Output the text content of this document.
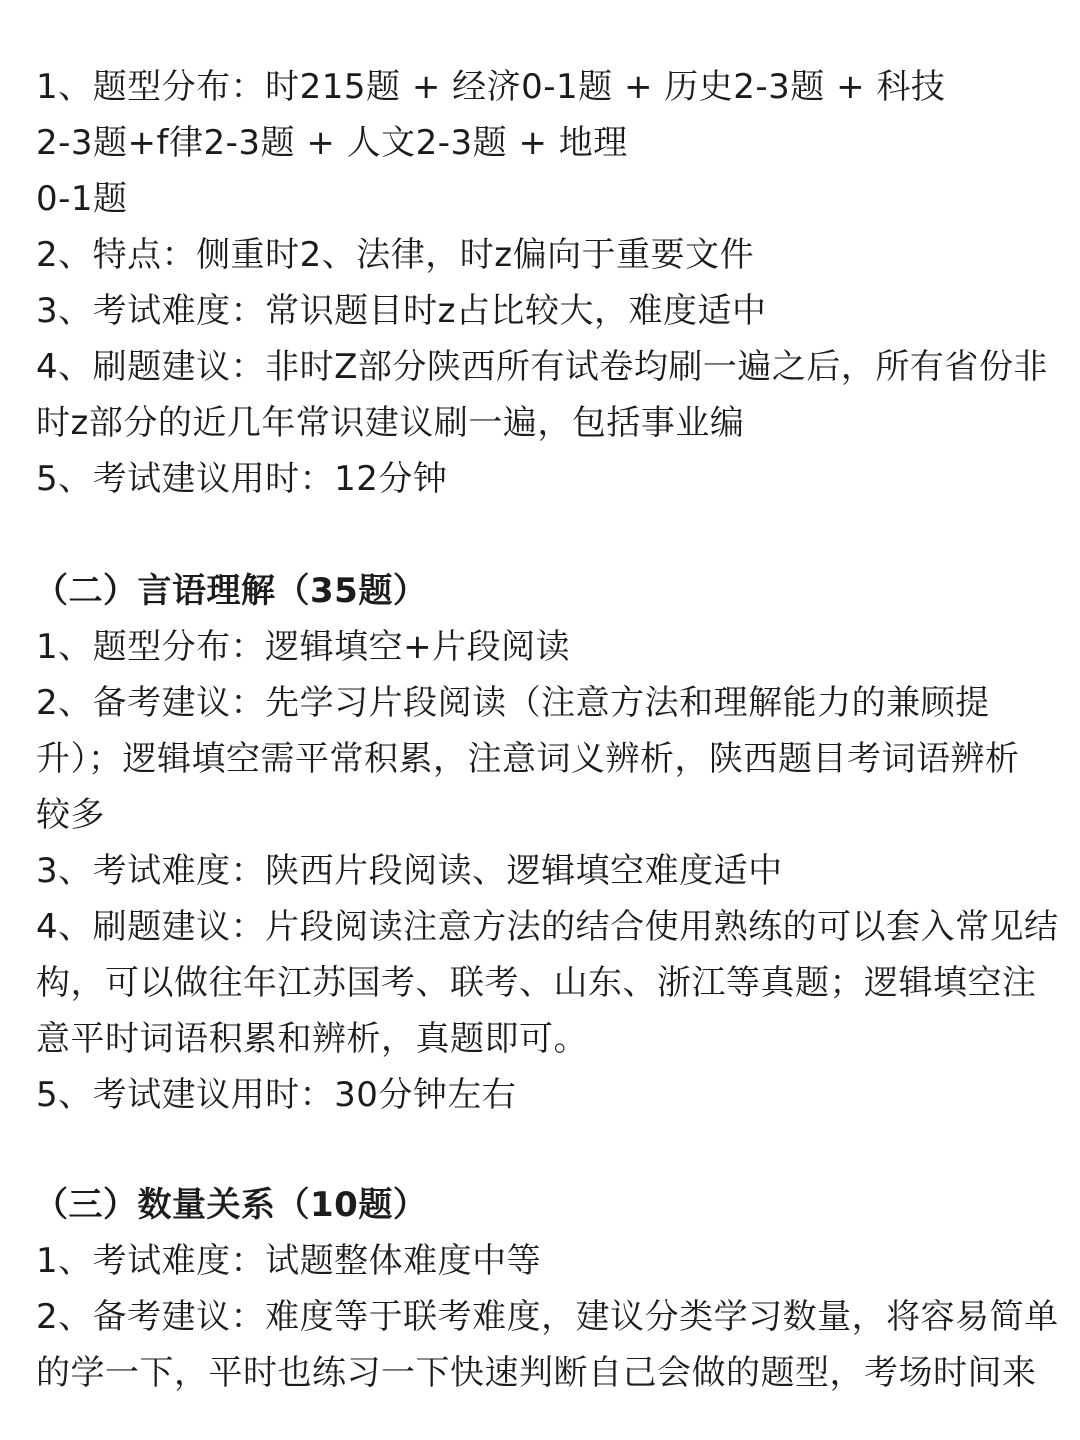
1、题型分布：时215题 + 经济0-1题 + 历史2-3题 + 科技
2-3题+f律2-3题 + 人文2-3题 + 地理
0-1题
2、特点：侧重时2、法律，时z偏向于重要文件
3、考试难度：常识题目时z占比较大，难度适中
4、刷题建议：非时Z部分陕西所有试卷均刷一遍之后，所有省份非
时z部分的近几年常识建议刷一遍，包括事业编
5、考试建议用时：12分钟
（二）言语理解（35题）
1、题型分布：逻辑填空+片段阅读
2、备考建议：先学习片段阅读（注意方法和理解能力的兼顾提
升）；逻辑填空需平常积累，注意词义辨析，陕西题目考词语辨析
较多
3、考试难度：陕西片段阅读、逻辑填空难度适中
4、刷题建议：片段阅读注意方法的结合使用熟练的可以套入常见结
构，可以做往年江苏国考、联考、山东、浙江等真题；逻辑填空注
意平时词语积累和辨析，真题即可。
5、考试建议用时：30分钟左右
（三）数量关系（10题）
1、考试难度：试题整体难度中等
2、备考建议：难度等于联考难度，建议分类学习数量，将容易简单
的学一下，平时也练习一下快速判断自己会做的题型，考场时间来
